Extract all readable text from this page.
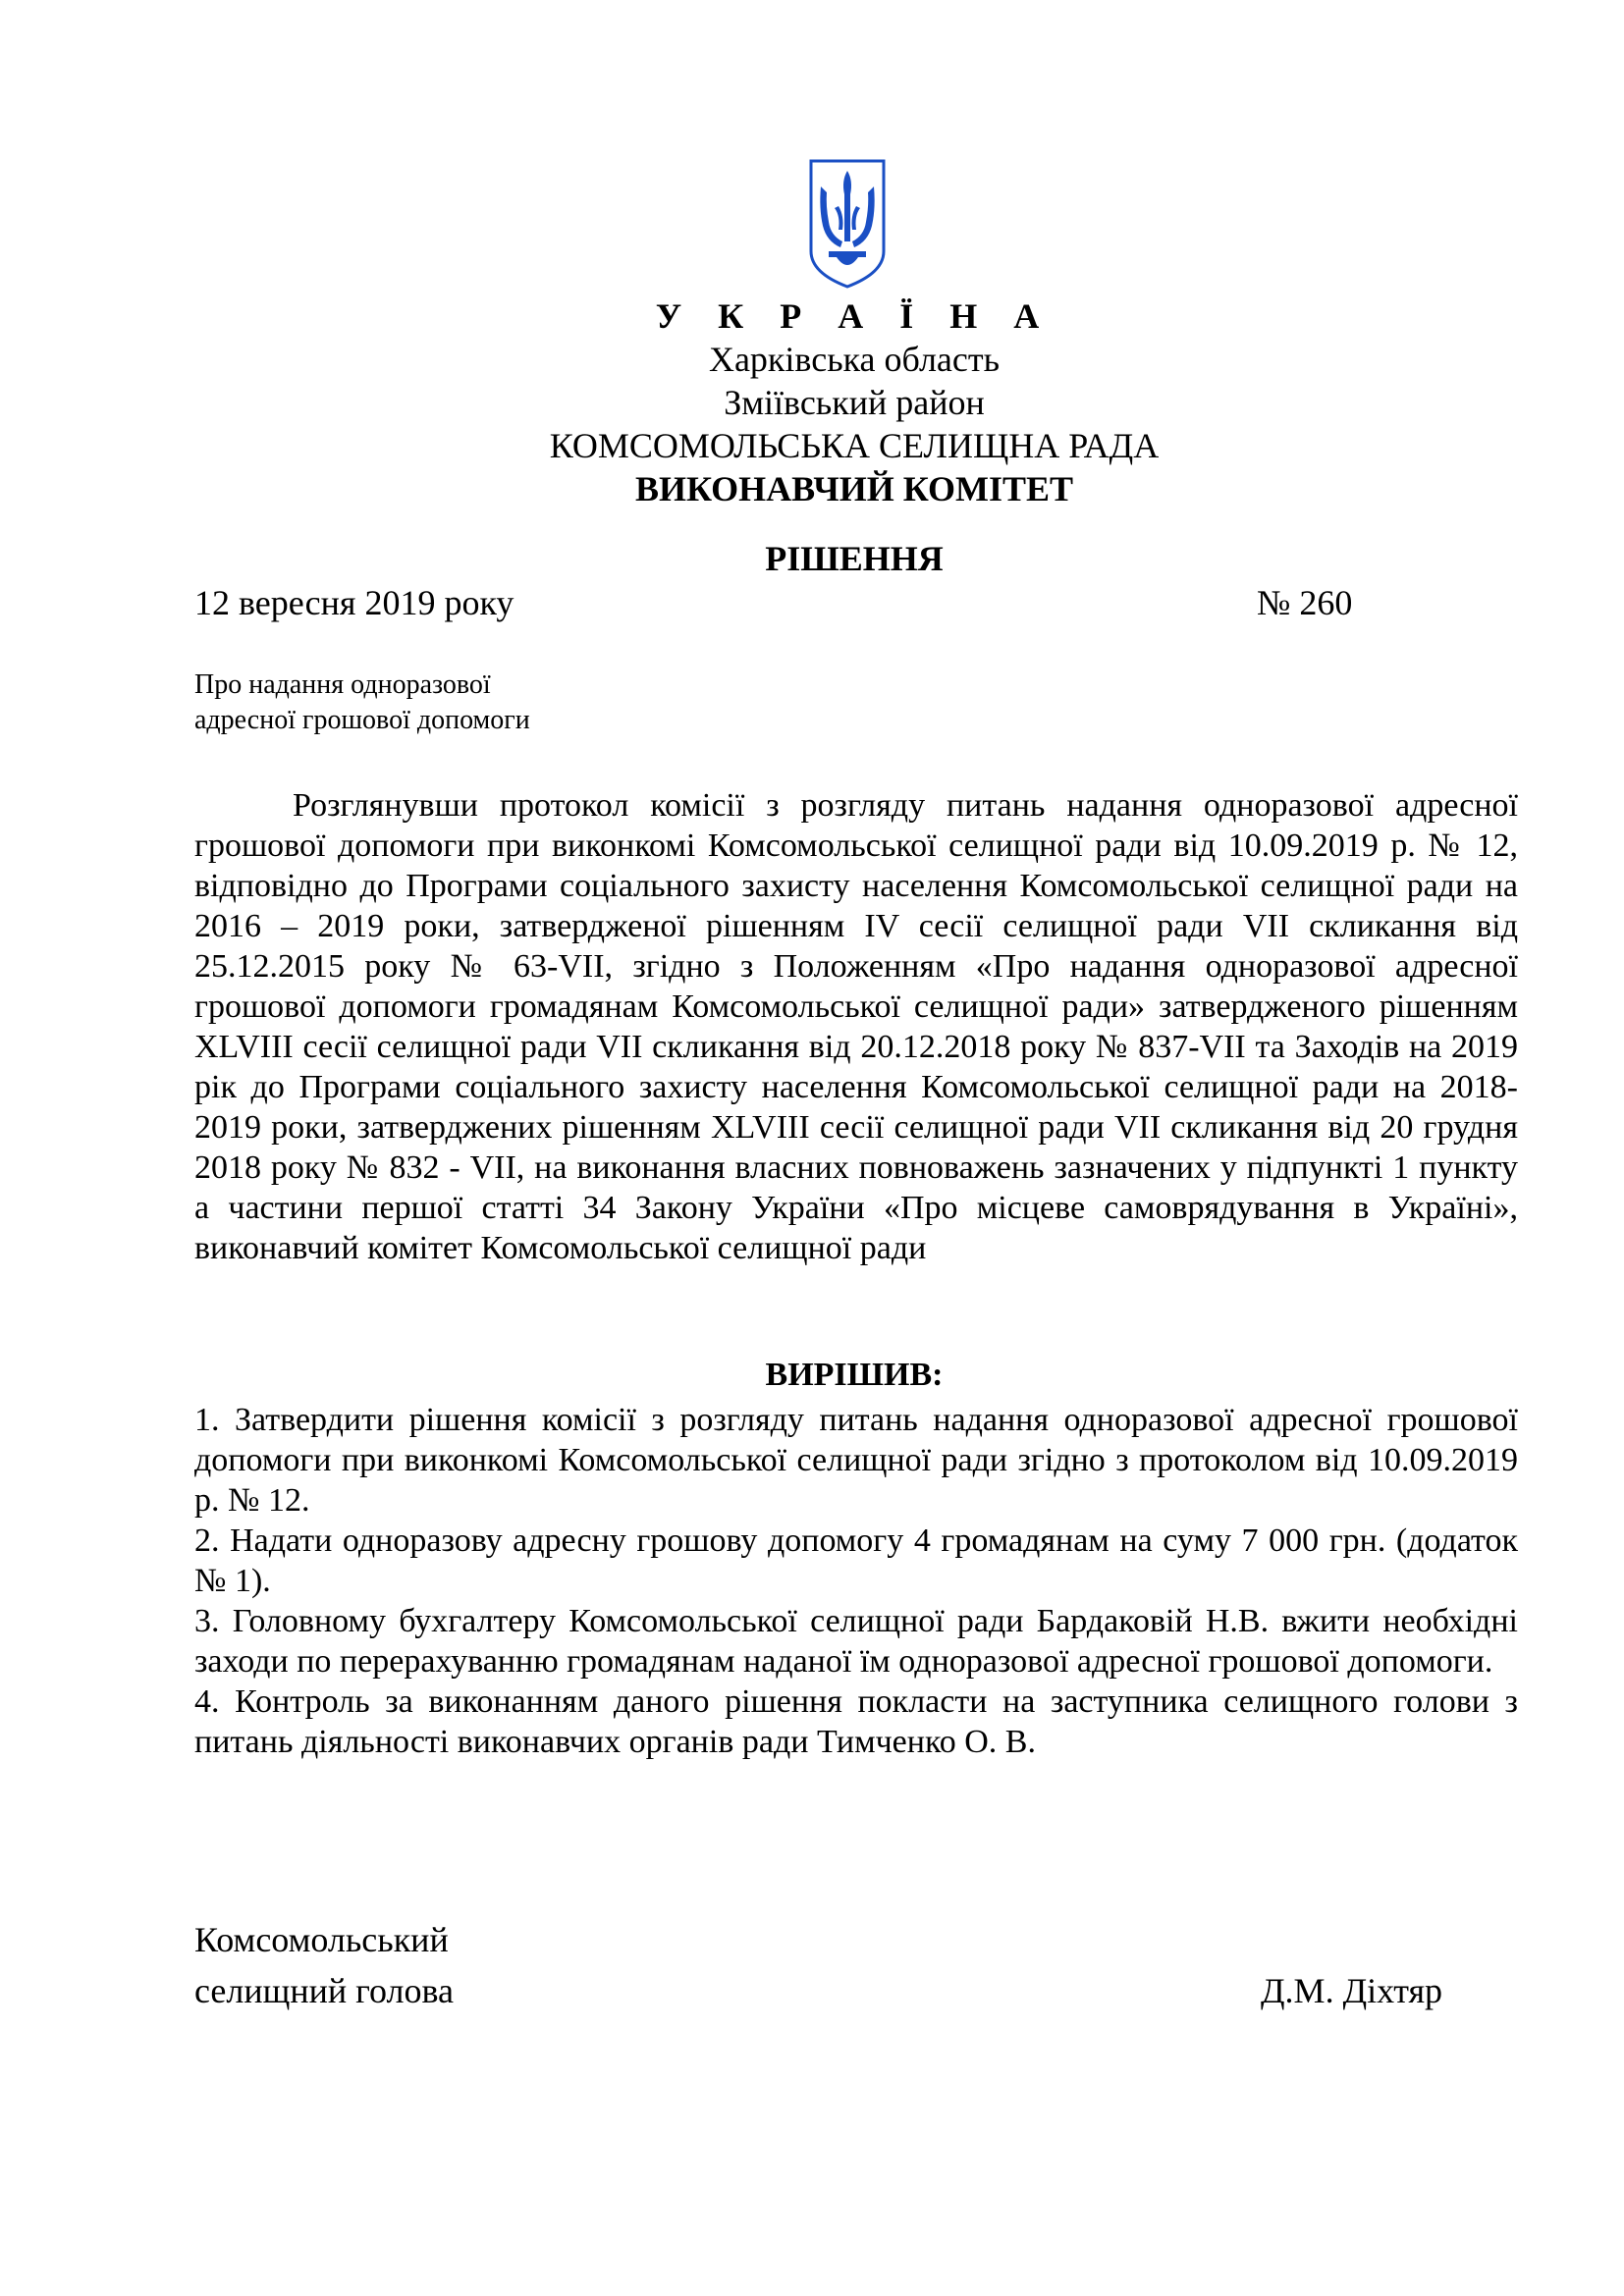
У К Р А Ї Н А
Харківська область
Зміївський район
КОМСОМОЛЬСЬКА СЕЛИЩНА РАДА
ВИКОНАВЧИЙ КОМІТЕТ
РІШЕННЯ
12 вересня 2019 року	№ 260
Про надання одноразової
адресної грошової допомоги
Розглянувши протокол комісії з розгляду питань надання одноразової адресної грошової допомоги при виконкомі Комсомольської селищної ради від 10.09.2019 р. № 12, відповідно до Програми соціального захисту населення Комсомольської селищної ради на 2016 – 2019 роки, затвердженої рішенням IV сесії селищної ради VII скликання від 25.12.2015 року № 63-VII, згідно з Положенням «Про надання одноразової адресної грошової допомоги громадянам Комсомольської селищної ради» затвердженого рішенням XLVIII сесії селищної ради VII скликання від 20.12.2018 року № 837-VII та Заходів на 2019 рік до Програми соціального захисту населення Комсомольської селищної ради на 2018-2019 роки, затверджених рішенням XLVIII сесії селищної ради VII скликання від 20 грудня 2018 року № 832 - VII, на виконання власних повноважень зазначених у підпункті 1 пункту а частини першої статті 34 Закону України «Про місцеве самоврядування в Україні», виконавчий комітет Комсомольської селищної ради
ВИРІШИВ:

1. Затвердити рішення комісії з розгляду питань надання одноразової адресної грошової допомоги при виконкомі Комсомольської селищної ради згідно з протоколом від 10.09.2019 р. № 12.

2. Надати одноразову адресну грошову допомогу 4 громадянам на суму 7 000 грн. (додаток № 1).

3. Головному бухгалтеру Комсомольської селищної ради Бардаковій Н.В. вжити необхідні заходи по перерахуванню громадянам наданої їм одноразової адресної грошової допомоги.

4. Контроль за виконанням даного рішення покласти на заступника селищного голови з питань діяльності виконавчих органів ради Тимченко О. В.

Комсомольський
селищний голова	Д.М. Діхтяр
